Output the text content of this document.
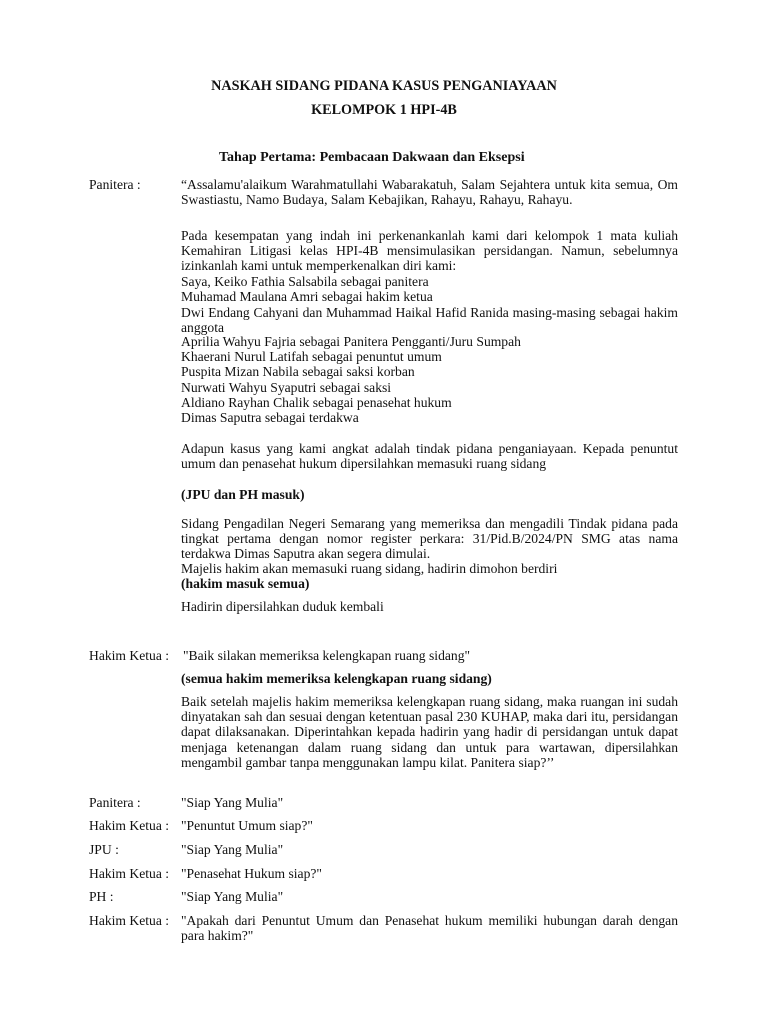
NASKAH SIDANG PIDANA KASUS PENGANIAYAAN
KELOMPOK 1 HPI-4B
Tahap Pertama: Pembacaan Dakwaan dan Eksepsi
Panitera :	“Assalamu'alaikum Warahmatullahi Wabarakatuh, Salam Sejahtera untuk kita semua, Om Swastiastu, Namo Budaya, Salam Kebajikan, Rahayu, Rahayu, Rahayu.
Pada kesempatan yang indah ini perkenankanlah kami dari kelompok 1 mata kuliah Kemahiran Litigasi kelas HPI-4B mensimulasikan persidangan. Namun, sebelumnya izinkanlah kami untuk memperkenalkan diri kami:
Saya, Keiko Fathia Salsabila sebagai panitera
Muhamad Maulana Amri sebagai hakim ketua
Dwi Endang Cahyani dan Muhammad Haikal Hafid Ranida masing-masing sebagai hakim anggota
Aprilia Wahyu Fajria sebagai Panitera Pengganti/Juru Sumpah
Khaerani Nurul Latifah sebagai penuntut umum
Puspita Mizan Nabila sebagai saksi korban
Nurwati Wahyu Syaputri sebagai saksi
Aldiano Rayhan Chalik sebagai penasehat hukum
Dimas Saputra sebagai terdakwa
Adapun kasus yang kami angkat adalah tindak pidana penganiayaan. Kepada penuntut umum dan penasehat hukum dipersilahkan memasuki ruang sidang
(JPU dan PH masuk)
Sidang Pengadilan Negeri Semarang yang memeriksa dan mengadili Tindak pidana pada tingkat pertama dengan nomor register perkara: 31/Pid.B/2024/PN SMG atas nama terdakwa Dimas Saputra akan segera dimulai.
Majelis hakim akan memasuki ruang sidang, hadirin dimohon berdiri
(hakim masuk semua)
Hadirin dipersilahkan duduk kembali
Hakim Ketua : "Baik silakan memeriksa kelengkapan ruang sidang"
(semua hakim memeriksa kelengkapan ruang sidang)
Baik setelah majelis hakim memeriksa kelengkapan ruang sidang, maka ruangan ini sudah dinyatakan sah dan sesuai dengan ketentuan pasal 230 KUHAP, maka dari itu, persidangan dapat dilaksanakan. Diperintahkan kepada hadirin yang hadir di persidangan untuk dapat menjaga ketenangan dalam ruang sidang dan untuk para wartawan, dipersilahkan mengambil gambar tanpa menggunakan lampu kilat. Panitera siap?’’
Panitera :	"Siap Yang Mulia"
Hakim Ketua : "Penuntut Umum siap?"
JPU :	"Siap Yang Mulia"
Hakim Ketua : "Penasehat Hukum siap?"
PH :	"Siap Yang Mulia"
Hakim Ketua : "Apakah dari Penuntut Umum dan Penasehat hukum memiliki hubungan darah dengan para hakim?"
